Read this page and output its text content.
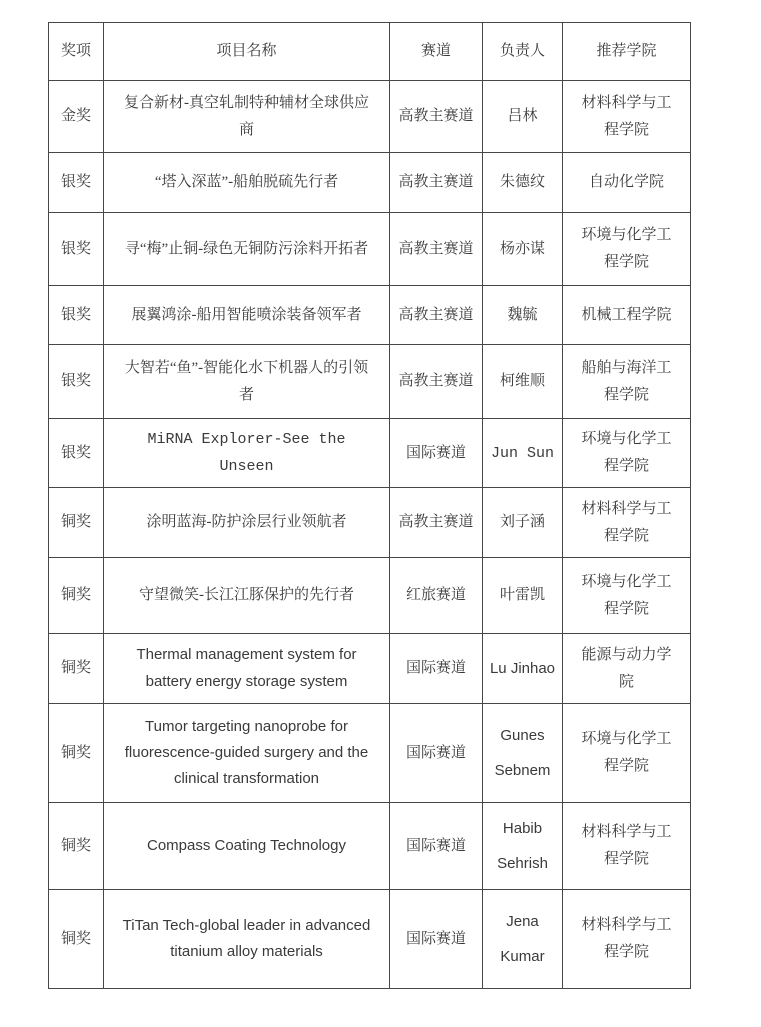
奖项	项目名称	赛道	负责人	推荐学院
金奖	复合新材-真空轧制特种辅材全球供应商	高教主赛道	吕林	材料科学与工程学院
银奖	“塔入深蓝”-船舶脱硫先行者	高教主赛道	朱德纹	自动化学院
银奖	寻“梅”止铜-绿色无铜防污涂料开拓者	高教主赛道	杨亦谋	环境与化学工程学院
银奖	展翼鸿涂-船用智能喷涂装备领军者	高教主赛道	魏毓	机械工程学院
银奖	大智若“鱼”-智能化水下机器人的引领者	高教主赛道	柯维顺	船舶与海洋工程学院
银奖	MiRNA Explorer-See the Unseen	国际赛道	Jun Sun	环境与化学工程学院
铜奖	涂明蓝海-防护涂层行业领航者	高教主赛道	刘子涵	材料科学与工程学院
铜奖	守望微笑-长江江豚保护的先行者	红旅赛道	叶雷凯	环境与化学工程学院
铜奖	Thermal management system for battery energy storage system	国际赛道	Lu Jinhao	能源与动力学院
铜奖	Tumor targeting nanoprobe for fluorescence-guided surgery and the clinical transformation	国际赛道	Gunes Sebnem	环境与化学工程学院
铜奖	Compass Coating Technology	国际赛道	Habib Sehrish	材料科学与工程学院
铜奖	TiTan Tech-global leader in advanced titanium alloy materials	国际赛道	Jena Kumar	材料科学与工程学院
